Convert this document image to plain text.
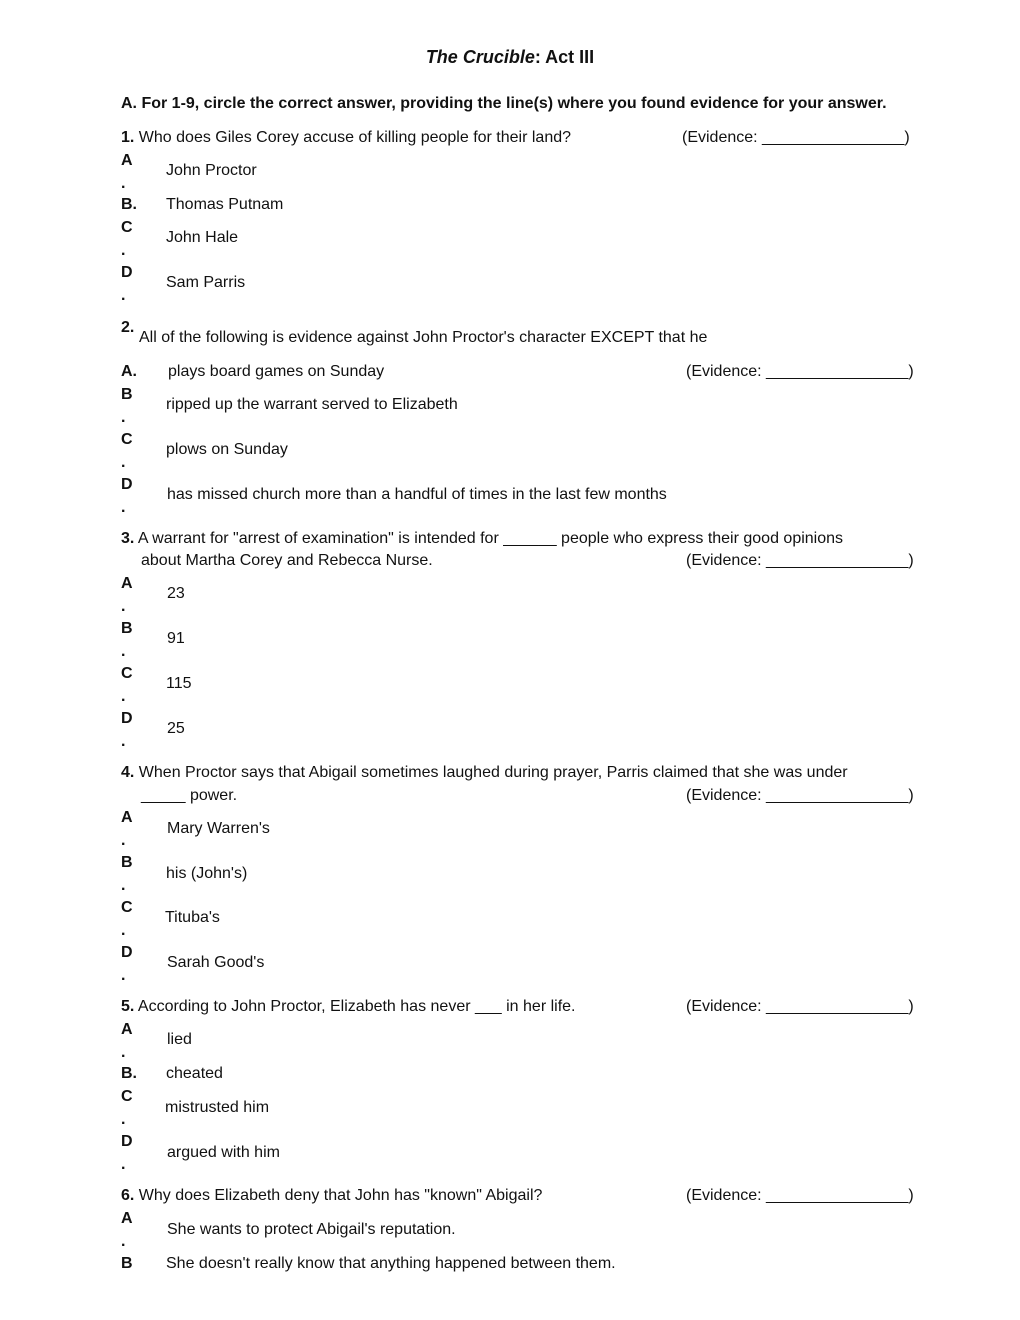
The Crucible: Act III
A. For 1-9, circle the correct answer, providing the line(s) where you found evidence for your answer.
1. Who does Giles Corey accuse of killing people for their land?	(Evidence: ________________)
A
.
John Proctor
B.	Thomas Putnam
C
.
John Hale
D
.
Sam Parris
2.
All of the following is evidence against John Proctor's character EXCEPT that he
A.	plays board games on Sunday	(Evidence: ________________)
B
.
ripped up the warrant served to Elizabeth
C
.
plows on Sunday
D
.
has missed church more than a handful of times in the last few months
3. A warrant for "arrest of examination" is intended for ______ people who express their good opinions
about Martha Corey and Rebecca Nurse.	(Evidence: ________________)
A
.
23
B
.
91
C
.
115
D
.
25
4. When Proctor says that Abigail sometimes laughed during prayer, Parris claimed that she was under
_____ power.	(Evidence: ________________)
A
.
Mary Warren's
B
.
his (John's)
C
.
Tituba's
D
.
Sarah Good's
5. According to John Proctor, Elizabeth has never ___ in her life.	(Evidence: ________________)
A
.
lied
B.	cheated
C
.
mistrusted him
D
.
argued with him
6. Why does Elizabeth deny that John has "known" Abigail?	(Evidence: ________________)
A
.
She wants to protect Abigail's reputation.
B	She doesn't really know that anything happened between them.
